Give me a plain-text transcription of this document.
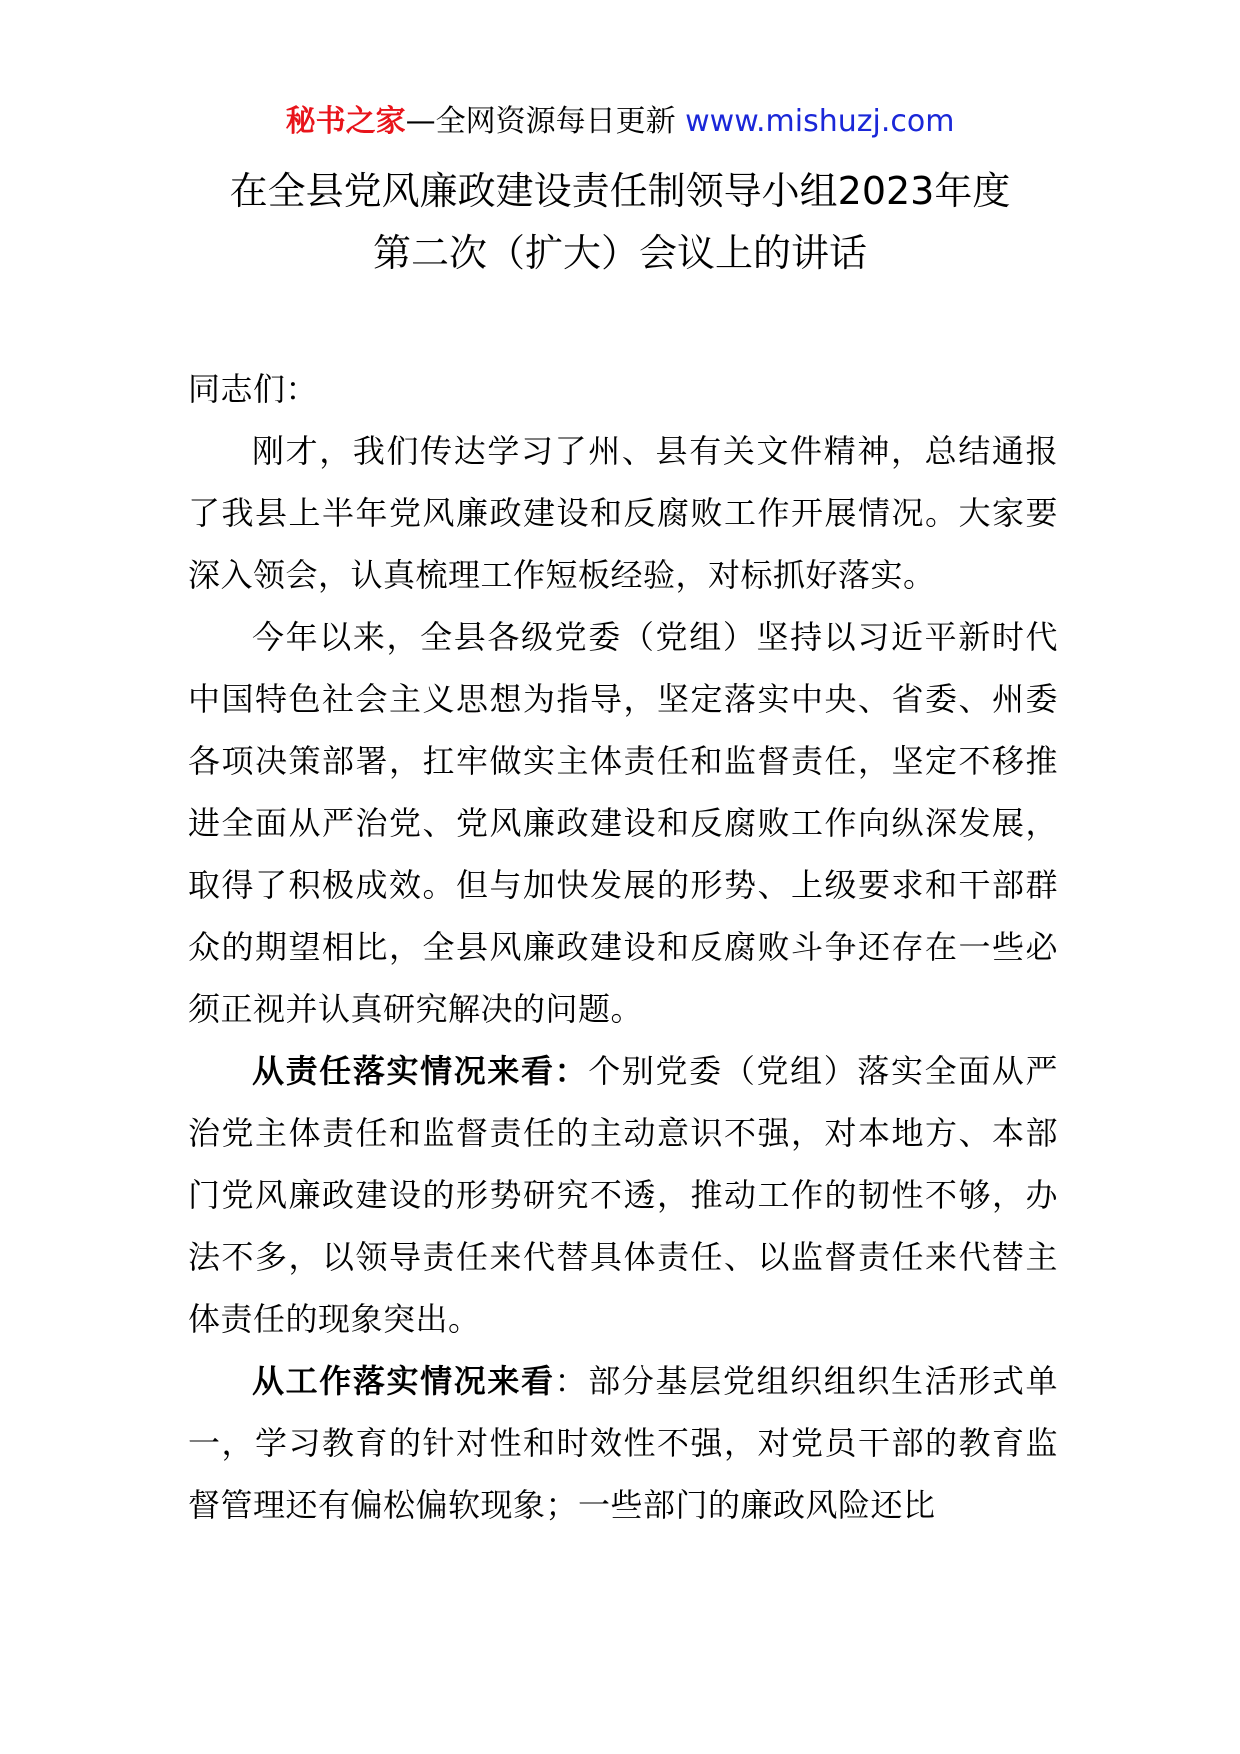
秘书之家—全网资源每日更新 www.mishuzj.com
在全县党风廉政建设责任制领导小组2023年度
第二次（扩大）会议上的讲话

同志们：

刚才，我们传达学习了州、县有关文件精神，总结通报了我县上半年党风廉政建设和反腐败工作开展情况。大家要深入领会，认真梳理工作短板经验，对标抓好落实。

今年以来，全县各级党委（党组）坚持以习近平新时代中国特色社会主义思想为指导，坚定落实中央、省委、州委各项决策部署，扛牢做实主体责任和监督责任，坚定不移推进全面从严治党、党风廉政建设和反腐败工作向纵深发展，取得了积极成效。但与加快发展的形势、上级要求和干部群众的期望相比，全县风廉政建设和反腐败斗争还存在一些必须正视并认真研究解决的问题。

从责任落实情况来看：个别党委（党组）落实全面从严治党主体责任和监督责任的主动意识不强，对本地方、本部门党风廉政建设的形势研究不透，推动工作的韧性不够，办法不多，以领导责任来代替具体责任、以监督责任来代替主体责任的现象突出。

从工作落实情况来看：部分基层党组织组织生活形式单一，学习教育的针对性和时效性不强，对党员干部的教育监督管理还有偏松偏软现象；一些部门的廉政风险还比
